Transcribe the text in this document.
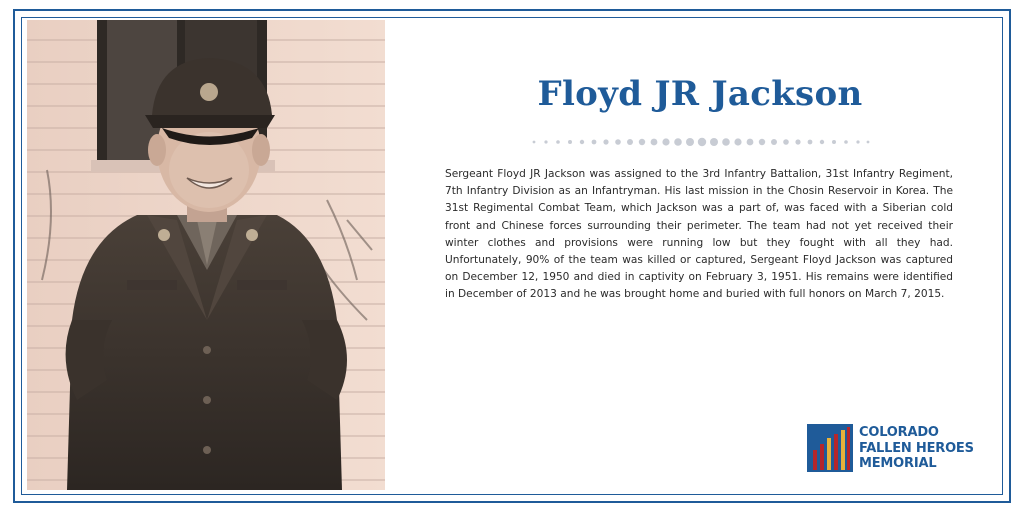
Floyd JR Jackson

Sergeant Floyd JR Jackson was assigned to the 3rd Infantry Battalion, 31st Infantry Regiment, 7th Infantry Division as an Infantryman. His last mission in the Chosin Reservoir in Korea. The 31st Regimental Combat Team, which Jackson was a part of, was faced with a Siberian cold front and Chinese forces surrounding their perimeter. The team had not yet received their winter clothes and provisions were running low but they fought with all they had. Unfortunately, 90% of the team was killed or captured, Sergeant Floyd Jackson was captured on December 12, 1950 and died in captivity on February 3, 1951. His remains were identified in December of 2013 and he was brought home and buried with full honors on March 7, 2015.

COLORADO
FALLEN HEROES
MEMORIAL
